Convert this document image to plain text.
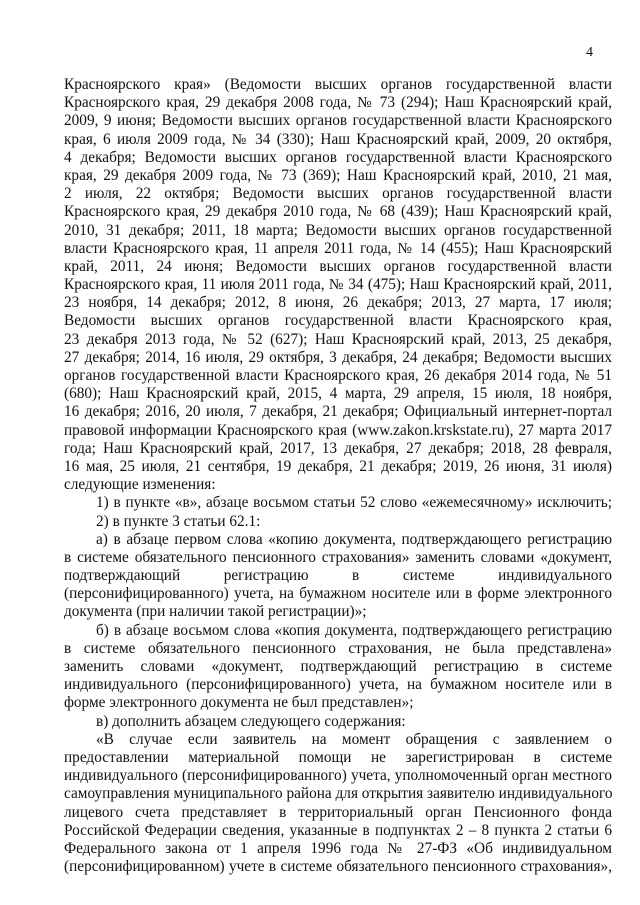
4
Красноярского края» (Ведомости высших органов государственной власти
Красноярского края, 29 декабря 2008 года, № 73 (294); Наш Красноярский край,
2009, 9 июня; Ведомости высших органов государственной власти Красноярского
края, 6 июля 2009 года, № 34 (330); Наш Красноярский край, 2009, 20 октября,
4 декабря; Ведомости высших органов государственной власти Красноярского
края, 29 декабря 2009 года, № 73 (369); Наш Красноярский край, 2010, 21 мая,
2 июля, 22 октября; Ведомости высших органов государственной власти
Красноярского края, 29 декабря 2010 года, № 68 (439); Наш Красноярский край,
2010, 31 декабря; 2011, 18 марта; Ведомости высших органов государственной
власти Красноярского края, 11 апреля 2011 года, № 14 (455); Наш Красноярский
край, 2011, 24 июня; Ведомости высших органов государственной власти
Красноярского края, 11 июля 2011 года, № 34 (475); Наш Красноярский край, 2011,
23 ноября, 14 декабря; 2012, 8 июня, 26 декабря; 2013, 27 марта, 17 июля;
Ведомости высших органов государственной власти Красноярского края,
23 декабря 2013 года, № 52 (627); Наш Красноярский край, 2013, 25 декабря,
27 декабря; 2014, 16 июля, 29 октября, 3 декабря, 24 декабря; Ведомости высших
органов государственной власти Красноярского края, 26 декабря 2014 года, № 51
(680); Наш Красноярский край, 2015, 4 марта, 29 апреля, 15 июля, 18 ноября,
16 декабря; 2016, 20 июля, 7 декабря, 21 декабря; Официальный интернет-портал
правовой информации Красноярского края (www.zakon.krskstate.ru), 27 марта 2017
года; Наш Красноярский край, 2017, 13 декабря, 27 декабря; 2018, 28 февраля,
16 мая, 25 июля, 21 сентября, 19 декабря, 21 декабря; 2019, 26 июня, 31 июля)
следующие изменения:
1) в пункте «в», абзаце восьмом статьи 52 слово «ежемесячному» исключить;
2) в пункте 3 статьи 62.1:
а) в абзаце первом слова «копию документа, подтверждающего регистрацию
в системе обязательного пенсионного страхования» заменить словами «документ,
подтверждающий регистрацию в системе индивидуального
(персонифицированного) учета, на бумажном носителе или в форме электронного
документа (при наличии такой регистрации)»;
б) в абзаце восьмом слова «копия документа, подтверждающего регистрацию
в системе обязательного пенсионного страхования, не была представлена»
заменить словами «документ, подтверждающий регистрацию в системе
индивидуального (персонифицированного) учета, на бумажном носителе или в
форме электронного документа не был представлен»;
в) дополнить абзацем следующего содержания:
«В случае если заявитель на момент обращения с заявлением о
предоставлении материальной помощи не зарегистрирован в системе
индивидуального (персонифицированного) учета, уполномоченный орган местного
самоуправления муниципального района для открытия заявителю индивидуального
лицевого счета представляет в территориальный орган Пенсионного фонда
Российской Федерации сведения, указанные в подпунктах 2 – 8 пункта 2 статьи 6
Федерального закона от 1 апреля 1996 года № 27-ФЗ «Об индивидуальном
(персонифицированном) учете в системе обязательного пенсионного страхования»,
